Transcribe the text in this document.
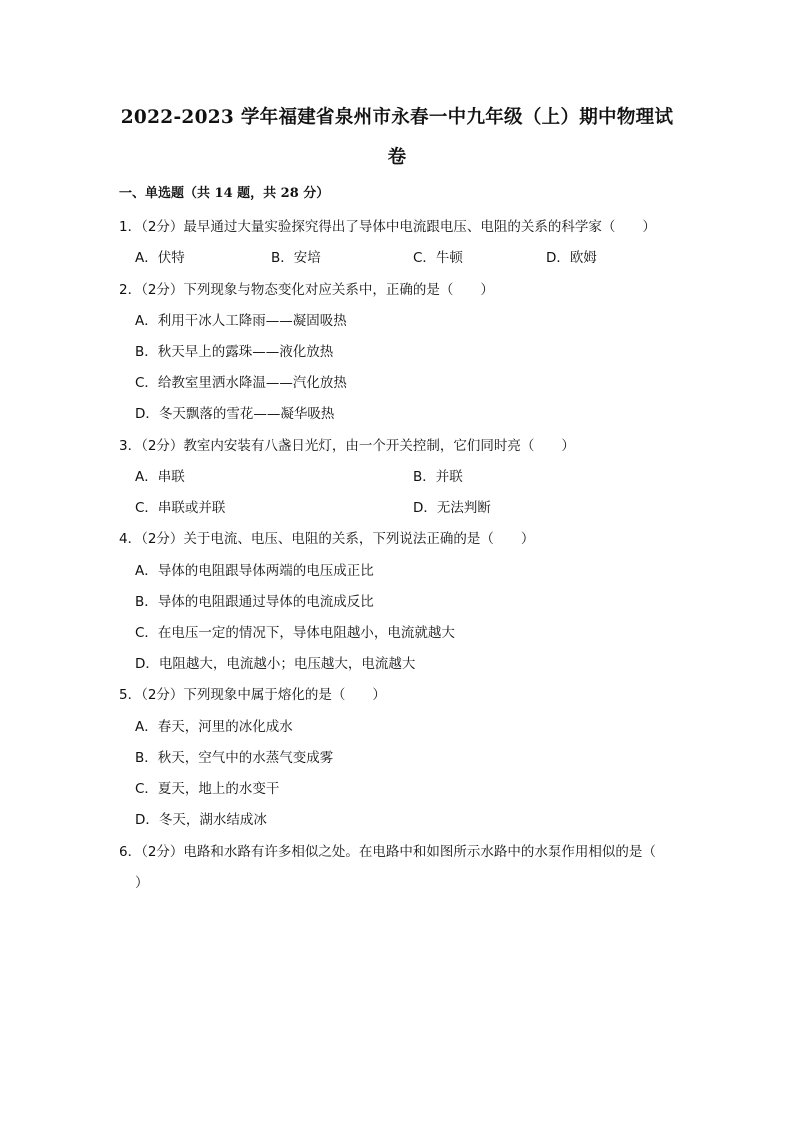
2022-2023 学年福建省泉州市永春一中九年级（上）期中物理试
卷
一、单选题（共 14 题，共 28 分）
1．（2分）最早通过大量实验探究得出了导体中电流跟电压、电阻的关系的科学家（　　）
A．伏特	B．安培	C．牛顿	D．欧姆
2．（2分）下列现象与物态变化对应关系中，正确的是（　　）
A．利用干冰人工降雨——凝固吸热
B．秋天早上的露珠——液化放热
C．给教室里洒水降温——汽化放热
D．冬天飘落的雪花——凝华吸热
3．（2分）教室内安装有八盏日光灯，由一个开关控制，它们同时亮（　　）
A．串联	B．并联
C．串联或并联	D．无法判断
4．（2分）关于电流、电压、电阻的关系，下列说法正确的是（　　）
A．导体的电阻跟导体两端的电压成正比
B．导体的电阻跟通过导体的电流成反比
C．在电压一定的情况下，导体电阻越小，电流就越大
D．电阻越大，电流越小；电压越大，电流越大
5．（2分）下列现象中属于熔化的是（　　）
A．春天，河里的冰化成水
B．秋天，空气中的水蒸气变成雾
C．夏天，地上的水变干
D．冬天，湖水结成冰
6．（2分）电路和水路有许多相似之处。在电路中和如图所示水路中的水泵作用相似的是（
）
